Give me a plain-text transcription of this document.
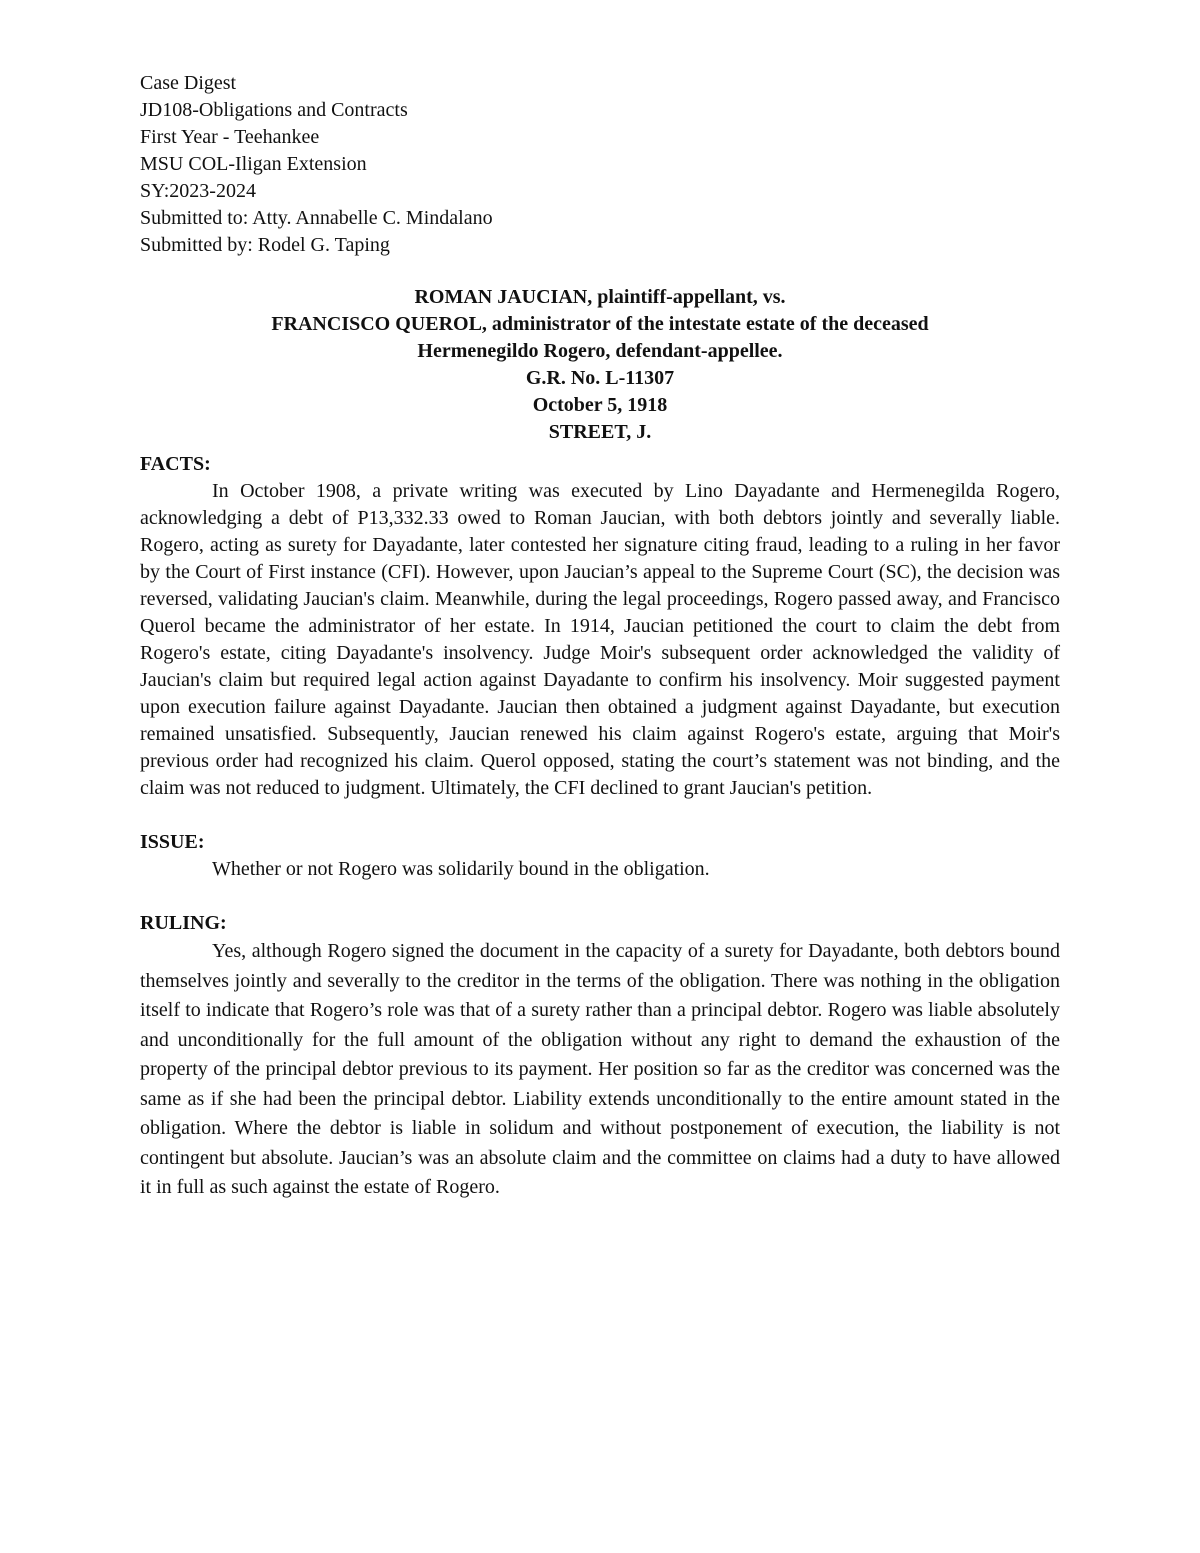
Case Digest
JD108-Obligations and Contracts
First Year - Teehankee
MSU COL-Iligan Extension
SY:2023-2024
Submitted to: Atty. Annabelle C. Mindalano
Submitted by: Rodel G. Taping
ROMAN JAUCIAN, plaintiff-appellant, vs.
FRANCISCO QUEROL, administrator of the intestate estate of the deceased
Hermenegildo Rogero, defendant-appellee.
G.R. No. L-11307
October 5, 1918
STREET, J.
FACTS:

In October 1908, a private writing was executed by Lino Dayadante and Hermenegilda Rogero, acknowledging a debt of P13,332.33 owed to Roman Jaucian, with both debtors jointly and severally liable. Rogero, acting as surety for Dayadante, later contested her signature citing fraud, leading to a ruling in her favor by the Court of First instance (CFI). However, upon Jaucian’s appeal to the Supreme Court (SC), the decision was reversed, validating Jaucian's claim. Meanwhile, during the legal proceedings, Rogero passed away, and Francisco Querol became the administrator of her estate. In 1914, Jaucian petitioned the court to claim the debt from Rogero's estate, citing Dayadante's insolvency. Judge Moir's subsequent order acknowledged the validity of Jaucian's claim but required legal action against Dayadante to confirm his insolvency. Moir suggested payment upon execution failure against Dayadante. Jaucian then obtained a judgment against Dayadante, but execution remained unsatisfied. Subsequently, Jaucian renewed his claim against Rogero's estate, arguing that Moir's previous order had recognized his claim. Querol opposed, stating the court’s statement was not binding, and the claim was not reduced to judgment. Ultimately, the CFI declined to grant Jaucian's petition.

ISSUE:

Whether or not Rogero was solidarily bound in the obligation.

RULING:

Yes, although Rogero signed the document in the capacity of a surety for Dayadante, both debtors bound themselves jointly and severally to the creditor in the terms of the obligation. There was nothing in the obligation itself to indicate that Rogero’s role was that of a surety rather than a principal debtor. Rogero was liable absolutely and unconditionally for the full amount of the obligation without any right to demand the exhaustion of the property of the principal debtor previous to its payment. Her position so far as the creditor was concerned was the same as if she had been the principal debtor. Liability extends unconditionally to the entire amount stated in the obligation. Where the debtor is liable in solidum and without postponement of execution, the liability is not contingent but absolute. Jaucian’s was an absolute claim and the committee on claims had a duty to have allowed it in full as such against the estate of Rogero.
